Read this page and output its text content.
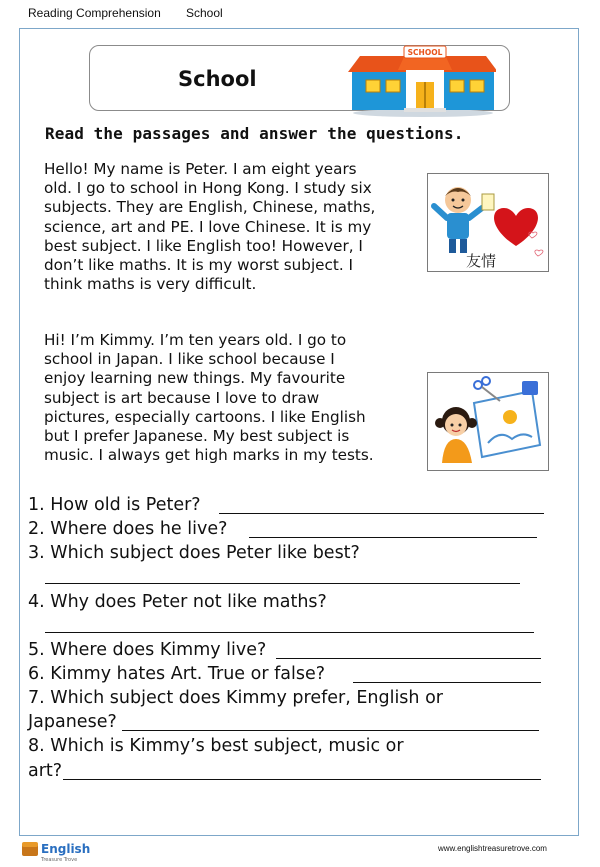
Reading Comprehension School
School
SCHOOL
Read the passages and answer the questions.
Hello! My name is Peter. I am eight years
old. I go to school in Hong Kong. I study six
subjects. They are English, Chinese, maths,
science, art and PE. I love Chinese. It is my
best subject. I like English too! However, I
don’t like maths. It is my worst subject. I
think maths is very difficult.
友情
Hi! I’m Kimmy. I’m ten years old. I go to
school in Japan. I like school because I
enjoy learning new things. My favourite
subject is art because I love to draw
pictures, especially cartoons. I like English
but I prefer Japanese. My best subject is
music. I always get high marks in my tests.
1. How old is Peter?
2. Where does he live?
3. Which subject does Peter like best?
4. Why does Peter not like maths?
5. Where does Kimmy live?
6. Kimmy hates Art. True or false?
7. Which subject does Kimmy prefer, English or
Japanese?
8. Which is Kimmy’s best subject, music or
art?
English
Treasure Trove
www.englishtreasuretrove.com
